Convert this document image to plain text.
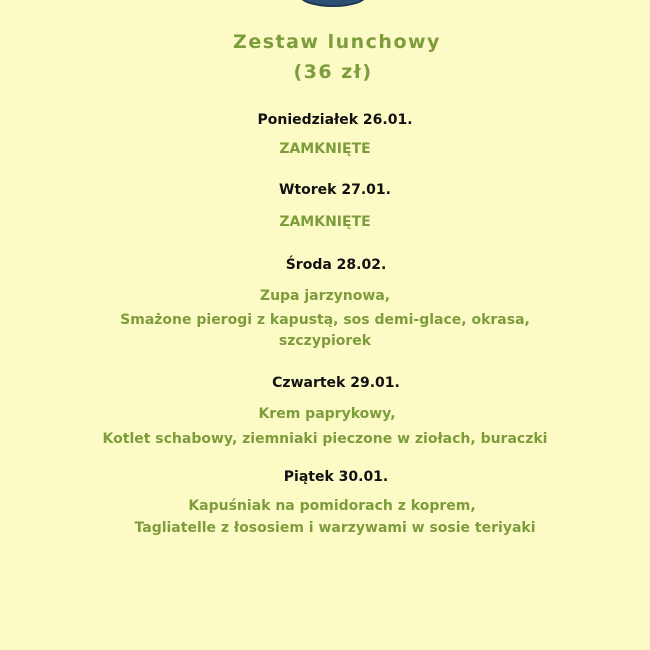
Zestaw lunchowy
(36 zł)
Poniedziałek 26.01.
ZAMKNIĘTE
Wtorek 27.01.
ZAMKNIĘTE
Środa 28.02.
Zupa jarzynowa,
Smażone pierogi z kapustą, sos demi-glace, okrasa,
szczypiorek
Czwartek 29.01.
Krem paprykowy,
Kotlet schabowy, ziemniaki pieczone w ziołach, buraczki
Piątek 30.01.
Kapuśniak na pomidorach z koprem,
Tagliatelle z łososiem i warzywami w sosie teriyaki
